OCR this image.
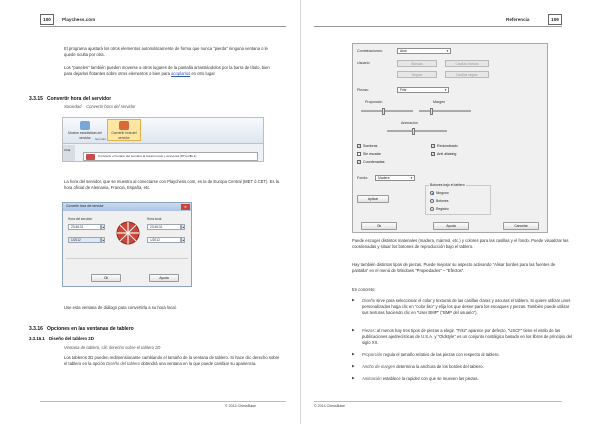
100	Playchess.com
El programa ajustará los otros elementos automáticamente de forma que nunca "pierda" ninguna ventana o le quede oculta por otra.
Los "paneles" también pueden moverse a otros lugares de la pantalla arrastrándolos por la barra de título, bien para dejarlos flotantes sobre otros elementos o bien para acoplarlos en otro lugar
3.3.15 Convertir hora del servidor
Sociedad Convertir hora del servidor
Mostrar estadísticas del servidor
Convertir hora del servidor
Servidor
Chat
Convierte el horario del servidor al horario local y viceversa (DH+GB+1)
La hora del servidor, que se muestra al conectarse con Playchess.com, es la de Europa Central (MET ó CET). Es la hora oficial de Alemania, Francia, España, etc.
Convertir hora del servidor	✕
Hora del servidor
23:46:31	▲
1/2012	▲
Hora local
23:46:31	▲
1/2012	▲
Ok	Ayuda
Use esta ventana de diálogo para convertirla a su hora local.
3.3.16 Opciones en las ventanas de tablero
3.3.16.1 Diseño del tablero 2D
Ventana de tablero, clic derecho sobre el tablero 2D
Los tableros 2D pueden redimensionarse cambiando el tamaño de la ventana de tablero. Si hace clic derecho sobre el tablero en la opción Diseño del tablero obtendrá una ventana en la que puede cambiar su apariencia.
© 2014 ChessBase
Referencia	109
Combinaciones:	Arce	▼
Usuario:	Blancas	Casillas blancas
Negras	Casillas negras
Piezas:	Fritz	▼
Proporción	Margen
Animación
✓ Sombras	✓ Redondeado
Sin escalar	✓ Anti aliasing
✓ Coordenadas
Fondo:	Madera	▼
Aplicar
Botones bajo el tablero
Ninguno
Botones
Registro
Ok	Ayuda	Cancelar
Puede escoger distintos materiales (madera, mármol, etc.) y colores para las casillas y el fondo. Puede visualizar las coordenadas y situar los botones de reproducción bajo el tablero.
Hay también distintos tipos de piezas. Puede mejorar su aspecto activando "Alisar bordes para las fuentes de pantalla" en el menú de Windows "Propiedades" – "Efectos".
En concreto:
▶ Diseño sirve para seleccionar el color y texturas de las casillas claras y oscuras el tablero. Si quiere utilizar unos personalizados haga clic en "color liso" y elija los que desee para los escaques y piezas. También puede utilizar sus texturas haciendo clic en "User BMP" ("BMP del usuario").
▶ Piezas: al menos hay tres tipos de piezas a elegir. "Fritz" aparece por defecto, "USCF" tiene el estilo de las publicaciones ajedrecísticas de U.S.A. y "Oldstyle" es un conjunto nostálgico basado en los libros de principio del siglo XX.
▶ Proporción regula el tamaño relativo de las piezas con respecto al tablero.
▶ Ancho de margen determina la anchura de los bordes del tablero.
▶ Animación establece la rapidez con que se mueven las piezas.
© 2014 ChessBase
